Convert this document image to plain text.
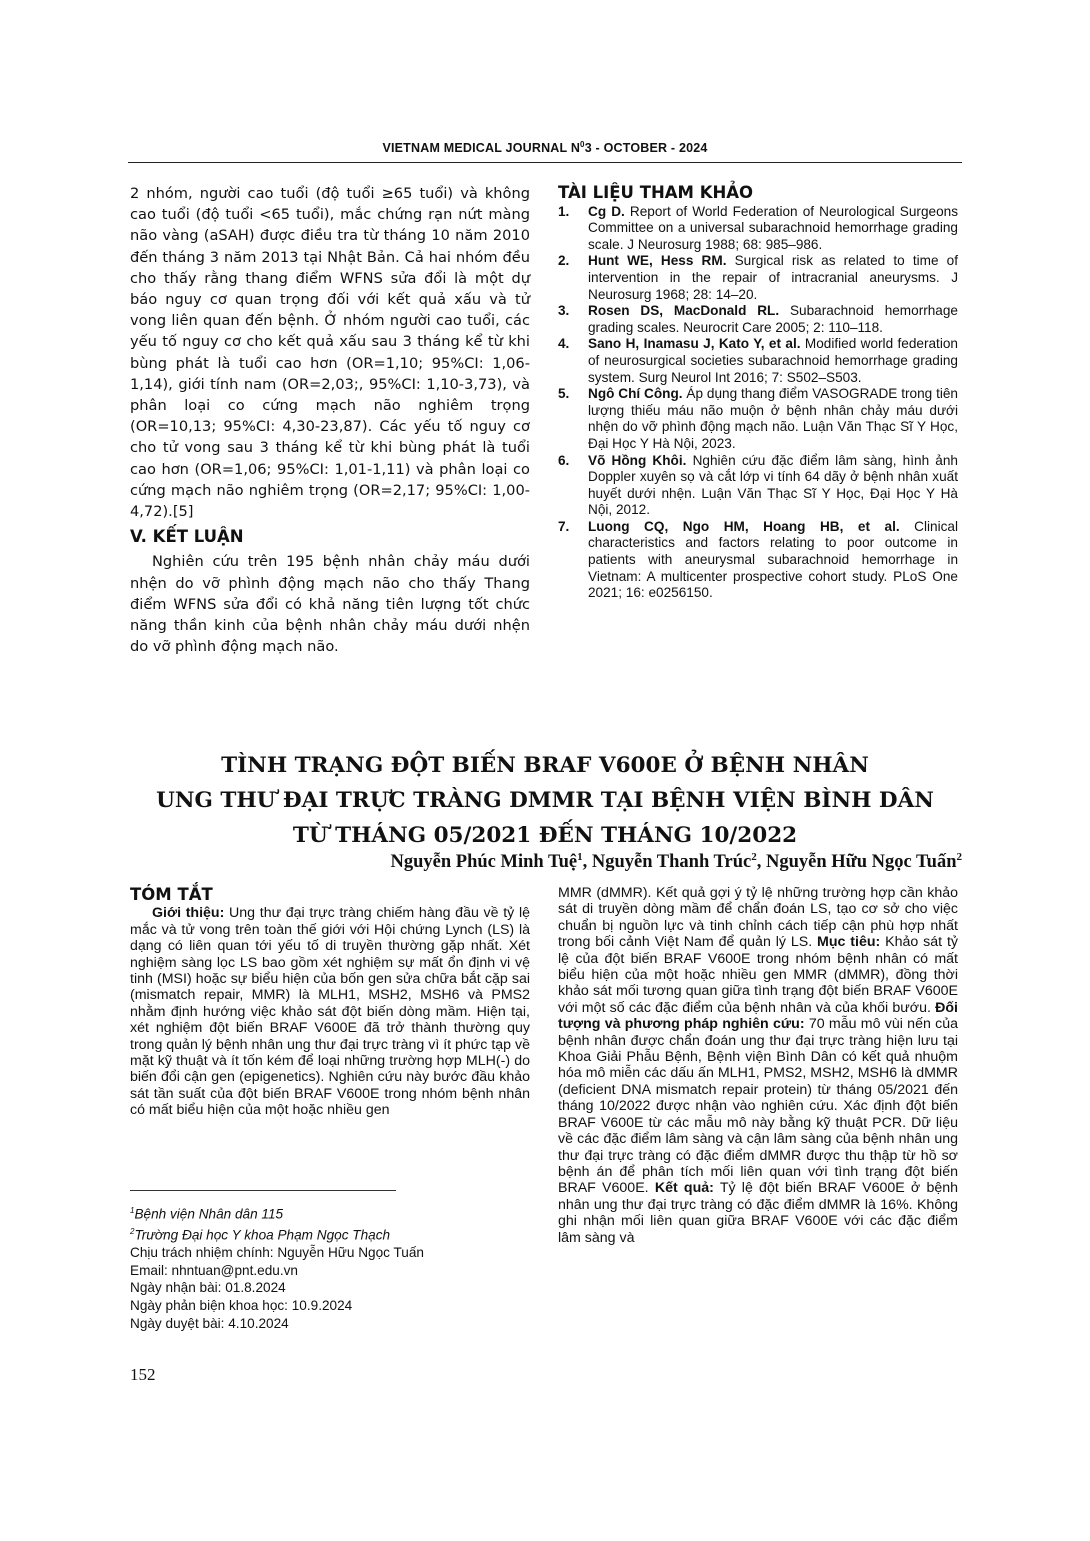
VIETNAM MEDICAL JOURNAL $N^03$ - OCTOBER - 2024

2 nhóm, người cao tuổi (độ tuổi ≥65 tuổi) và không cao tuổi (độ tuổi <65 tuổi), mắc chứng rạn nứt màng não vàng (aSAH) được điều tra từ tháng 10 năm 2010 đến tháng 3 năm 2013 tại Nhật Bản. Cả hai nhóm đều cho thấy rằng thang điểm WFNS sửa đổi là một dự báo nguy cơ quan trọng đối với kết quả xấu và tử vong liên quan đến bệnh. Ở nhóm người cao tuổi, các yếu tố nguy cơ cho kết quả xấu sau 3 tháng kể từ khi bùng phát là tuổi cao hơn (OR=1,10; 95%CI: 1,06-1,14), giới tính nam (OR=2,03;, 95%CI: 1,10-3,73), và phân loại co cứng mạch não nghiêm trọng (OR=10,13; 95%CI: 4,30-23,87). Các yếu tố nguy cơ cho tử vong sau 3 tháng kể từ khi bùng phát là tuổi cao hơn (OR=1,06; 95%CI: 1,01-1,11) và phân loại co cứng mạch não nghiêm trọng (OR=2,17; 95%CI: 1,00-4,72).[5]

V. KẾT LUẬN

Nghiên cứu trên 195 bệnh nhân chảy máu dưới nhện do vỡ phình động mạch não cho thấy Thang điểm WFNS sửa đổi có khả năng tiên lượng tốt chức năng thần kinh của bệnh nhân chảy máu dưới nhện do vỡ phình động mạch não.

TÀI LIỆU THAM KHẢO
1. Cg D. Report of World Federation of Neurological Surgeons Committee on a universal subarachnoid hemorrhage grading scale. J Neurosurg 1988; 68: 985–986.
2. Hunt WE, Hess RM. Surgical risk as related to time of intervention in the repair of intracranial aneurysms. J Neurosurg 1968; 28: 14–20.
3. Rosen DS, MacDonald RL. Subarachnoid hemorrhage grading scales. Neurocrit Care 2005; 2: 110–118.
4. Sano H, Inamasu J, Kato Y, et al. Modified world federation of neurosurgical societies subarachnoid hemorrhage grading system. Surg Neurol Int 2016; 7: S502–S503.
5. Ngô Chí Công. Áp dụng thang điểm VASOGRADE trong tiên lượng thiếu máu não muộn ở bệnh nhân chảy máu dưới nhện do vỡ phình động mạch não. Luận Văn Thạc Sĩ Y Học, Đại Học Y Hà Nội, 2023.
6. Võ Hồng Khôi. Nghiên cứu đặc điểm lâm sàng, hình ảnh Doppler xuyên sọ và cắt lớp vi tính 64 dãy ở bệnh nhân xuất huyết dưới nhện. Luận Văn Thạc Sĩ Y Học, Đại Học Y Hà Nội, 2012.
7. Luong CQ, Ngo HM, Hoang HB, et al. Clinical characteristics and factors relating to poor outcome in patients with aneurysmal subarachnoid hemorrhage in Vietnam: A multicenter prospective cohort study. PLoS One 2021; 16: e0256150.
TÌNH TRẠNG ĐỘT BIẾN BRAF V600E Ở BỆNH NHÂN
UNG THƯ ĐẠI TRỰC TRÀNG DMMR TẠI BỆNH VIỆN BÌNH DÂN
TỪ THÁNG 05/2021 ĐẾN THÁNG 10/2022
Nguyễn Phúc Minh Tuệ$^1$, Nguyễn Thanh Trúc$^2$, Nguyễn Hữu Ngọc Tuấn$^2$
TÓM TẮT

Giới thiệu: Ung thư đại trực tràng chiếm hàng đầu về tỷ lệ mắc và tử vong trên toàn thế giới với Hội chứng Lynch (LS) là dạng có liên quan tới yếu tố di truyền thường gặp nhất. Xét nghiệm sàng lọc LS bao gồm xét nghiệm sự mất ổn định vi vệ tinh (MSI) hoặc sự biểu hiện của bốn gen sửa chữa bắt cặp sai (mismatch repair, MMR) là MLH1, MSH2, MSH6 và PMS2 nhằm định hướng việc khảo sát đột biến dòng mầm. Hiện tại, xét nghiệm đột biến BRAF V600E đã trở thành thường quy trong quản lý bệnh nhân ung thư đại trực tràng vì ít phức tạp về mặt kỹ thuật và ít tốn kém để loại những trường hợp MLH(-) do biến đổi cận gen (epigenetics). Nghiên cứu này bước đầu khảo sát tần suất của đột biến BRAF V600E trong nhóm bệnh nhân có mất biểu hiện của một hoặc nhiều gen

MMR (dMMR). Kết quả gợi ý tỷ lệ những trường hợp cần khảo sát di truyền dòng mầm để chẩn đoán LS, tạo cơ sở cho việc chuẩn bị nguồn lực và tinh chỉnh cách tiếp cận phù hợp nhất trong bối cảnh Việt Nam để quản lý LS. Mục tiêu: Khảo sát tỷ lệ của đột biến BRAF V600E trong nhóm bệnh nhân có mất biểu hiện của một hoặc nhiều gen MMR (dMMR), đồng thời khảo sát mối tương quan giữa tình trạng đột biến BRAF V600E với một số các đặc điểm của bệnh nhân và của khối bướu. Đối tượng và phương pháp nghiên cứu: 70 mẫu mô vùi nến của bệnh nhân được chẩn đoán ung thư đại trực tràng hiện lưu tại Khoa Giải Phẫu Bệnh, Bệnh viện Bình Dân có kết quả nhuộm hóa mô miễn các dấu ấn MLH1, PMS2, MSH2, MSH6 là dMMR (deficient DNA mismatch repair protein) từ tháng 05/2021 đến tháng 10/2022 được nhận vào nghiên cứu. Xác định đột biến BRAF V600E từ các mẫu mô này bằng kỹ thuật PCR. Dữ liệu về các đặc điểm lâm sàng và cận lâm sàng của bệnh nhân ung thư đại trực tràng có đặc điểm dMMR được thu thập từ hồ sơ bệnh án để phân tích mối liên quan với tình trạng đột biến BRAF V600E. Kết quả: Tỷ lệ đột biến BRAF V600E ở bệnh nhân ung thư đại trực tràng có đặc điểm dMMR là 16%. Không ghi nhận mối liên quan giữa BRAF V600E với các đặc điểm lâm sàng và

$^1$Bệnh viện Nhân dân 115
$^2$Trường Đại học Y khoa Phạm Ngọc Thạch
Chịu trách nhiệm chính: Nguyễn Hữu Ngọc Tuấn
Email: nhntuan@pnt.edu.vn
Ngày nhận bài: 01.8.2024
Ngày phản biện khoa học: 10.9.2024
Ngày duyệt bài: 4.10.2024
152
